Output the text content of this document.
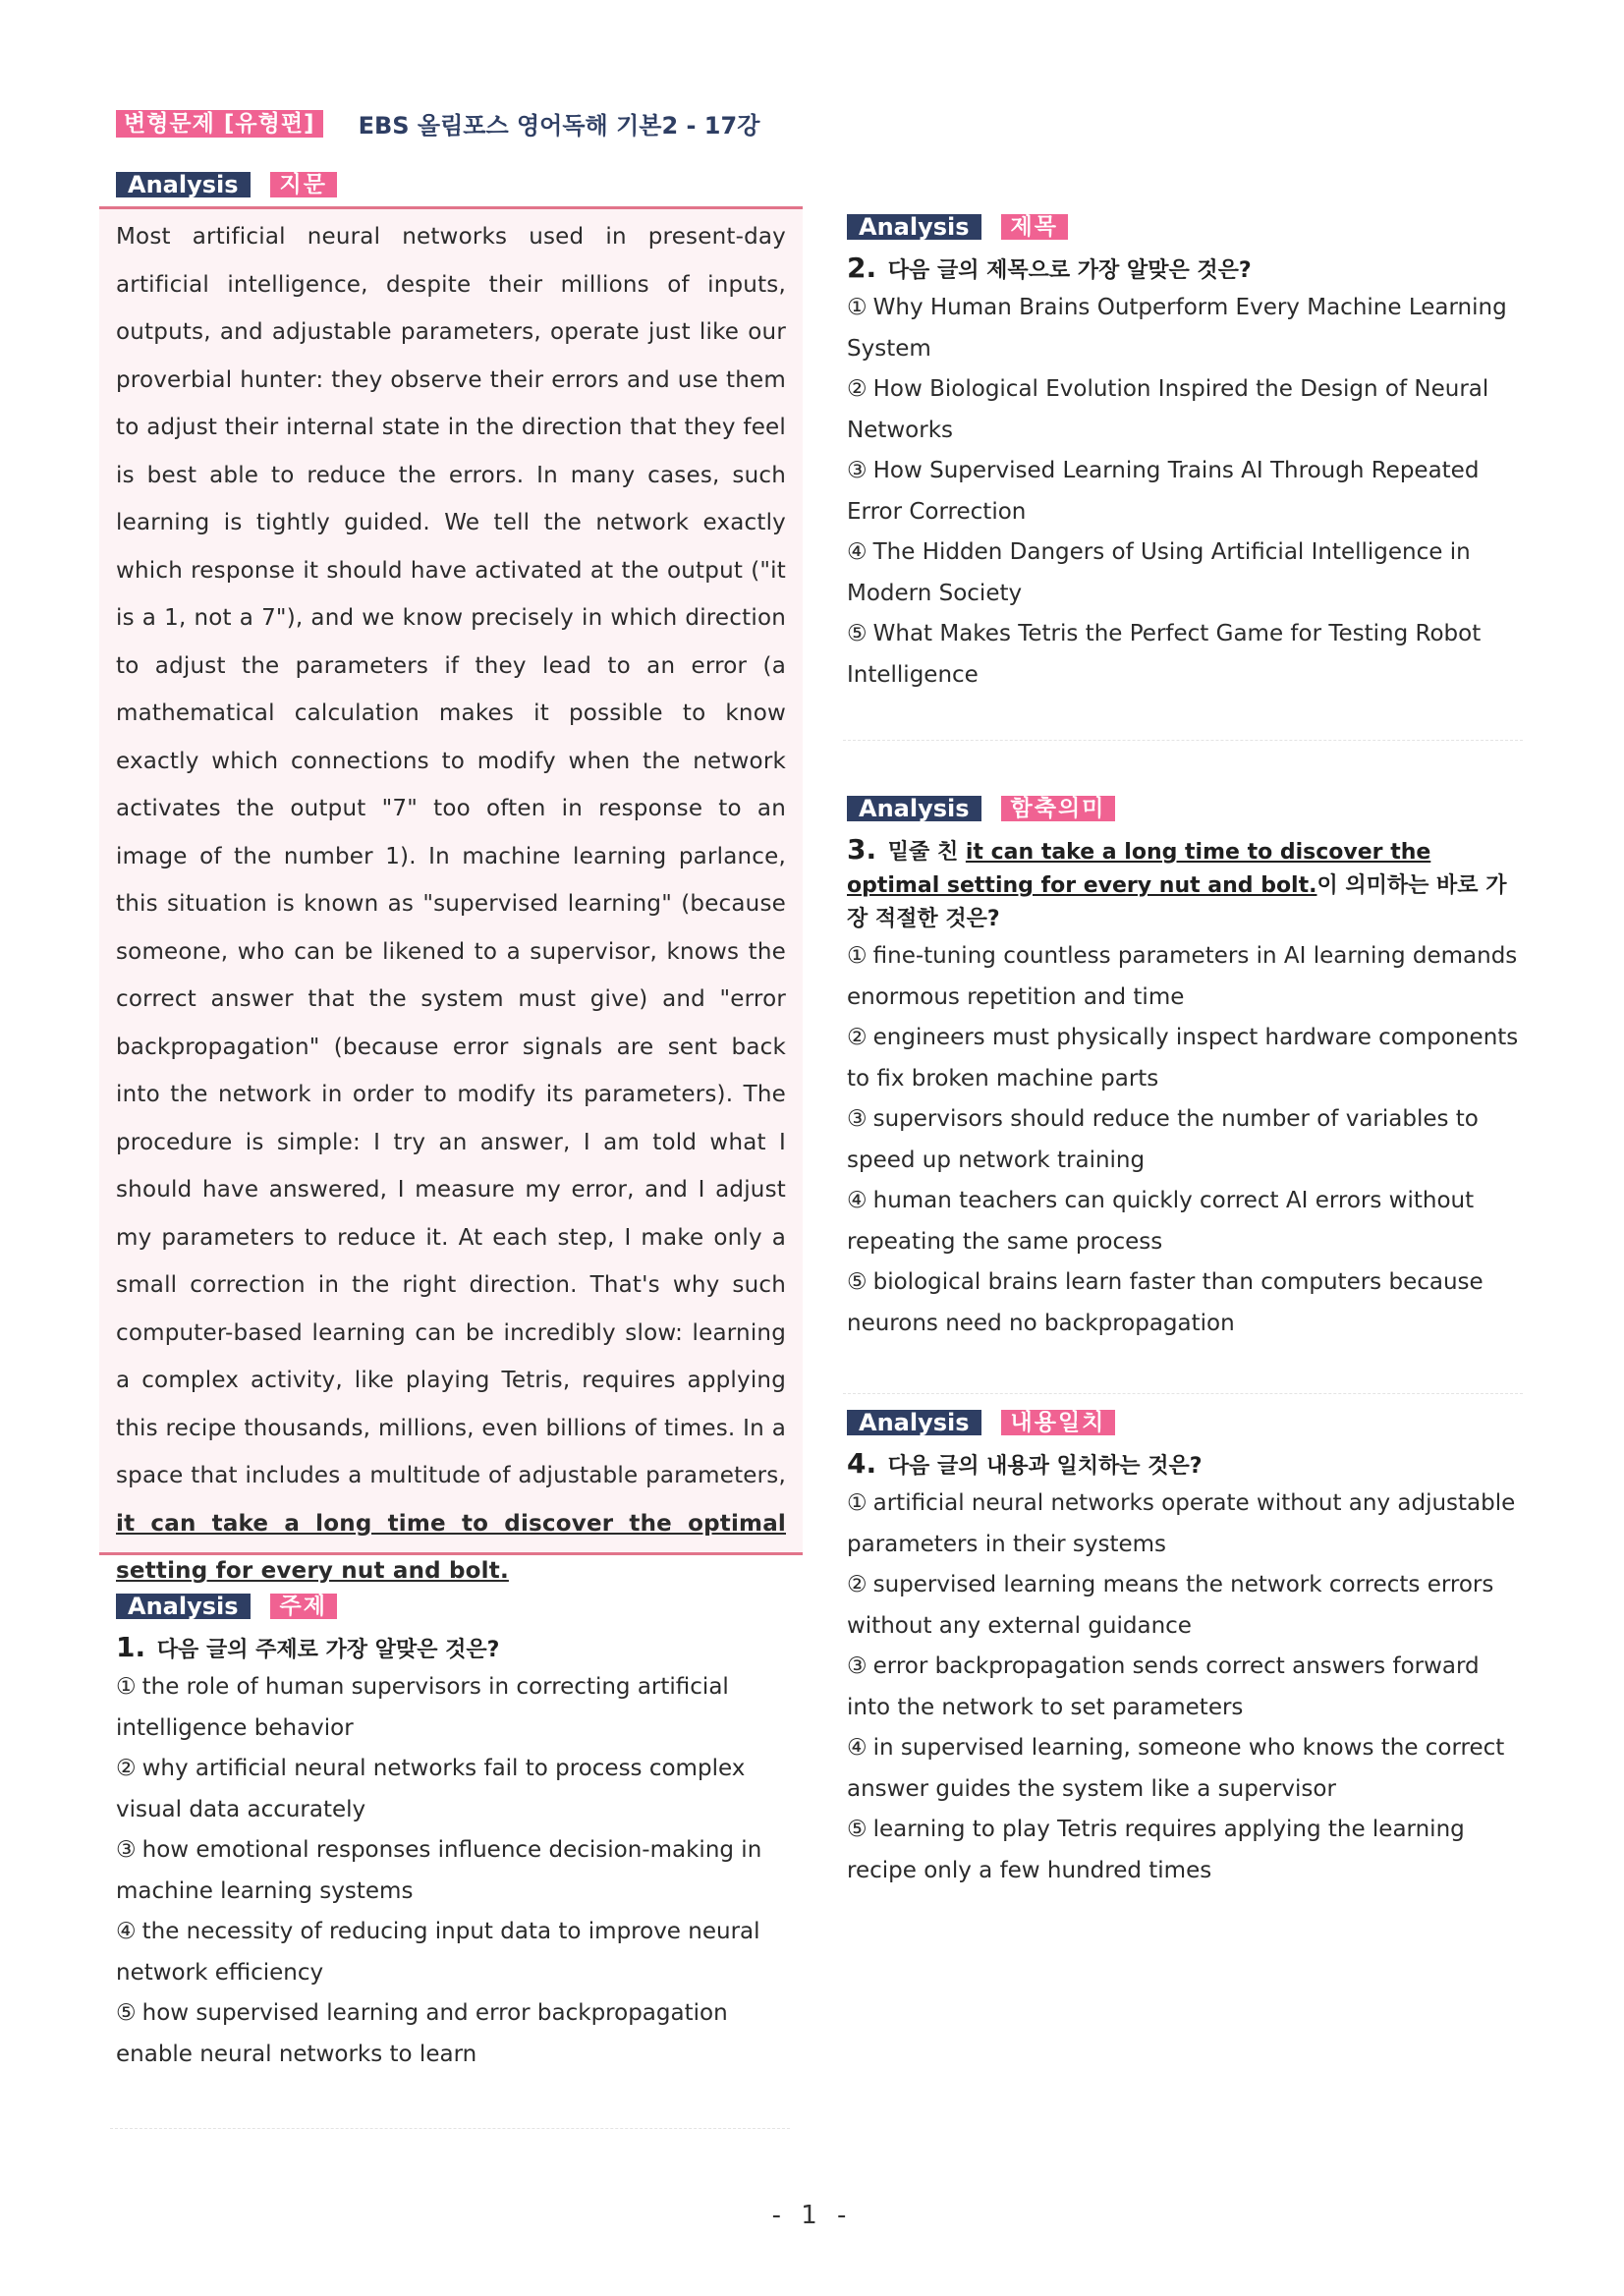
변형문제 [유형편]	EBS 올림포스 영어독해 기본2 - 17강
Analysis	지문

Most artificial neural networks used in present-day artificial intelligence, despite their millions of inputs, outputs, and adjustable parameters, operate just like our proverbial hunter: they observe their errors and use them to adjust their internal state in the direction that they feel is best able to reduce the errors. In many cases, such learning is tightly guided. We tell the network exactly which response it should have activated at the output ("it is a 1, not a 7"), and we know precisely in which direction to adjust the parameters if they lead to an error (a mathematical calculation makes it possible to know exactly which connections to modify when the network activates the output "7" too often in response to an image of the number 1). In machine learning parlance, this situation is known as "supervised learning" (because someone, who can be likened to a supervisor, knows the correct answer that the system must give) and "error backpropagation" (because error signals are sent back into the network in order to modify its parameters). The procedure is simple: I try an answer, I am told what I should have answered, I measure my error, and I adjust my parameters to reduce it. At each step, I make only a small correction in the right direction. That's why such computer-based learning can be incredibly slow: learning a complex activity, like playing Tetris, requires applying this recipe thousands, millions, even billions of times. In a space that includes a multitude of adjustable parameters, it can take a long time to discover the optimal setting for every nut and bolt.

Analysis	주제
1. 다음 글의 주제로 가장 알맞은 것은?
① the role of human supervisors in correcting artificial intelligence behavior
② why artificial neural networks fail to process complex visual data accurately
③ how emotional responses influence decision-making in machine learning systems
④ the necessity of reducing input data to improve neural network efficiency
⑤ how supervised learning and error backpropagation enable neural networks to learn
Analysis	제목
2. 다음 글의 제목으로 가장 알맞은 것은?
① Why Human Brains Outperform Every Machine Learning System
② How Biological Evolution Inspired the Design of Neural Networks
③ How Supervised Learning Trains AI Through Repeated Error Correction
④ The Hidden Dangers of Using Artificial Intelligence in Modern Society
⑤ What Makes Tetris the Perfect Game for Testing Robot Intelligence
Analysis	함축의미
3. 밑줄 친 it can take a long time to discover the optimal setting for every nut and bolt.이 의미하는 바로 가장 적절한 것은?
① fine-tuning countless parameters in AI learning demands enormous repetition and time
② engineers must physically inspect hardware components to fix broken machine parts
③ supervisors should reduce the number of variables to speed up network training
④ human teachers can quickly correct AI errors without repeating the same process
⑤ biological brains learn faster than computers because neurons need no backpropagation
Analysis	내용일치
4. 다음 글의 내용과 일치하는 것은?
① artificial neural networks operate without any adjustable parameters in their systems
② supervised learning means the network corrects errors without any external guidance
③ error backpropagation sends correct answers forward into the network to set parameters
④ in supervised learning, someone who knows the correct answer guides the system like a supervisor
⑤ learning to play Tetris requires applying the learning recipe only a few hundred times
- 1 -
